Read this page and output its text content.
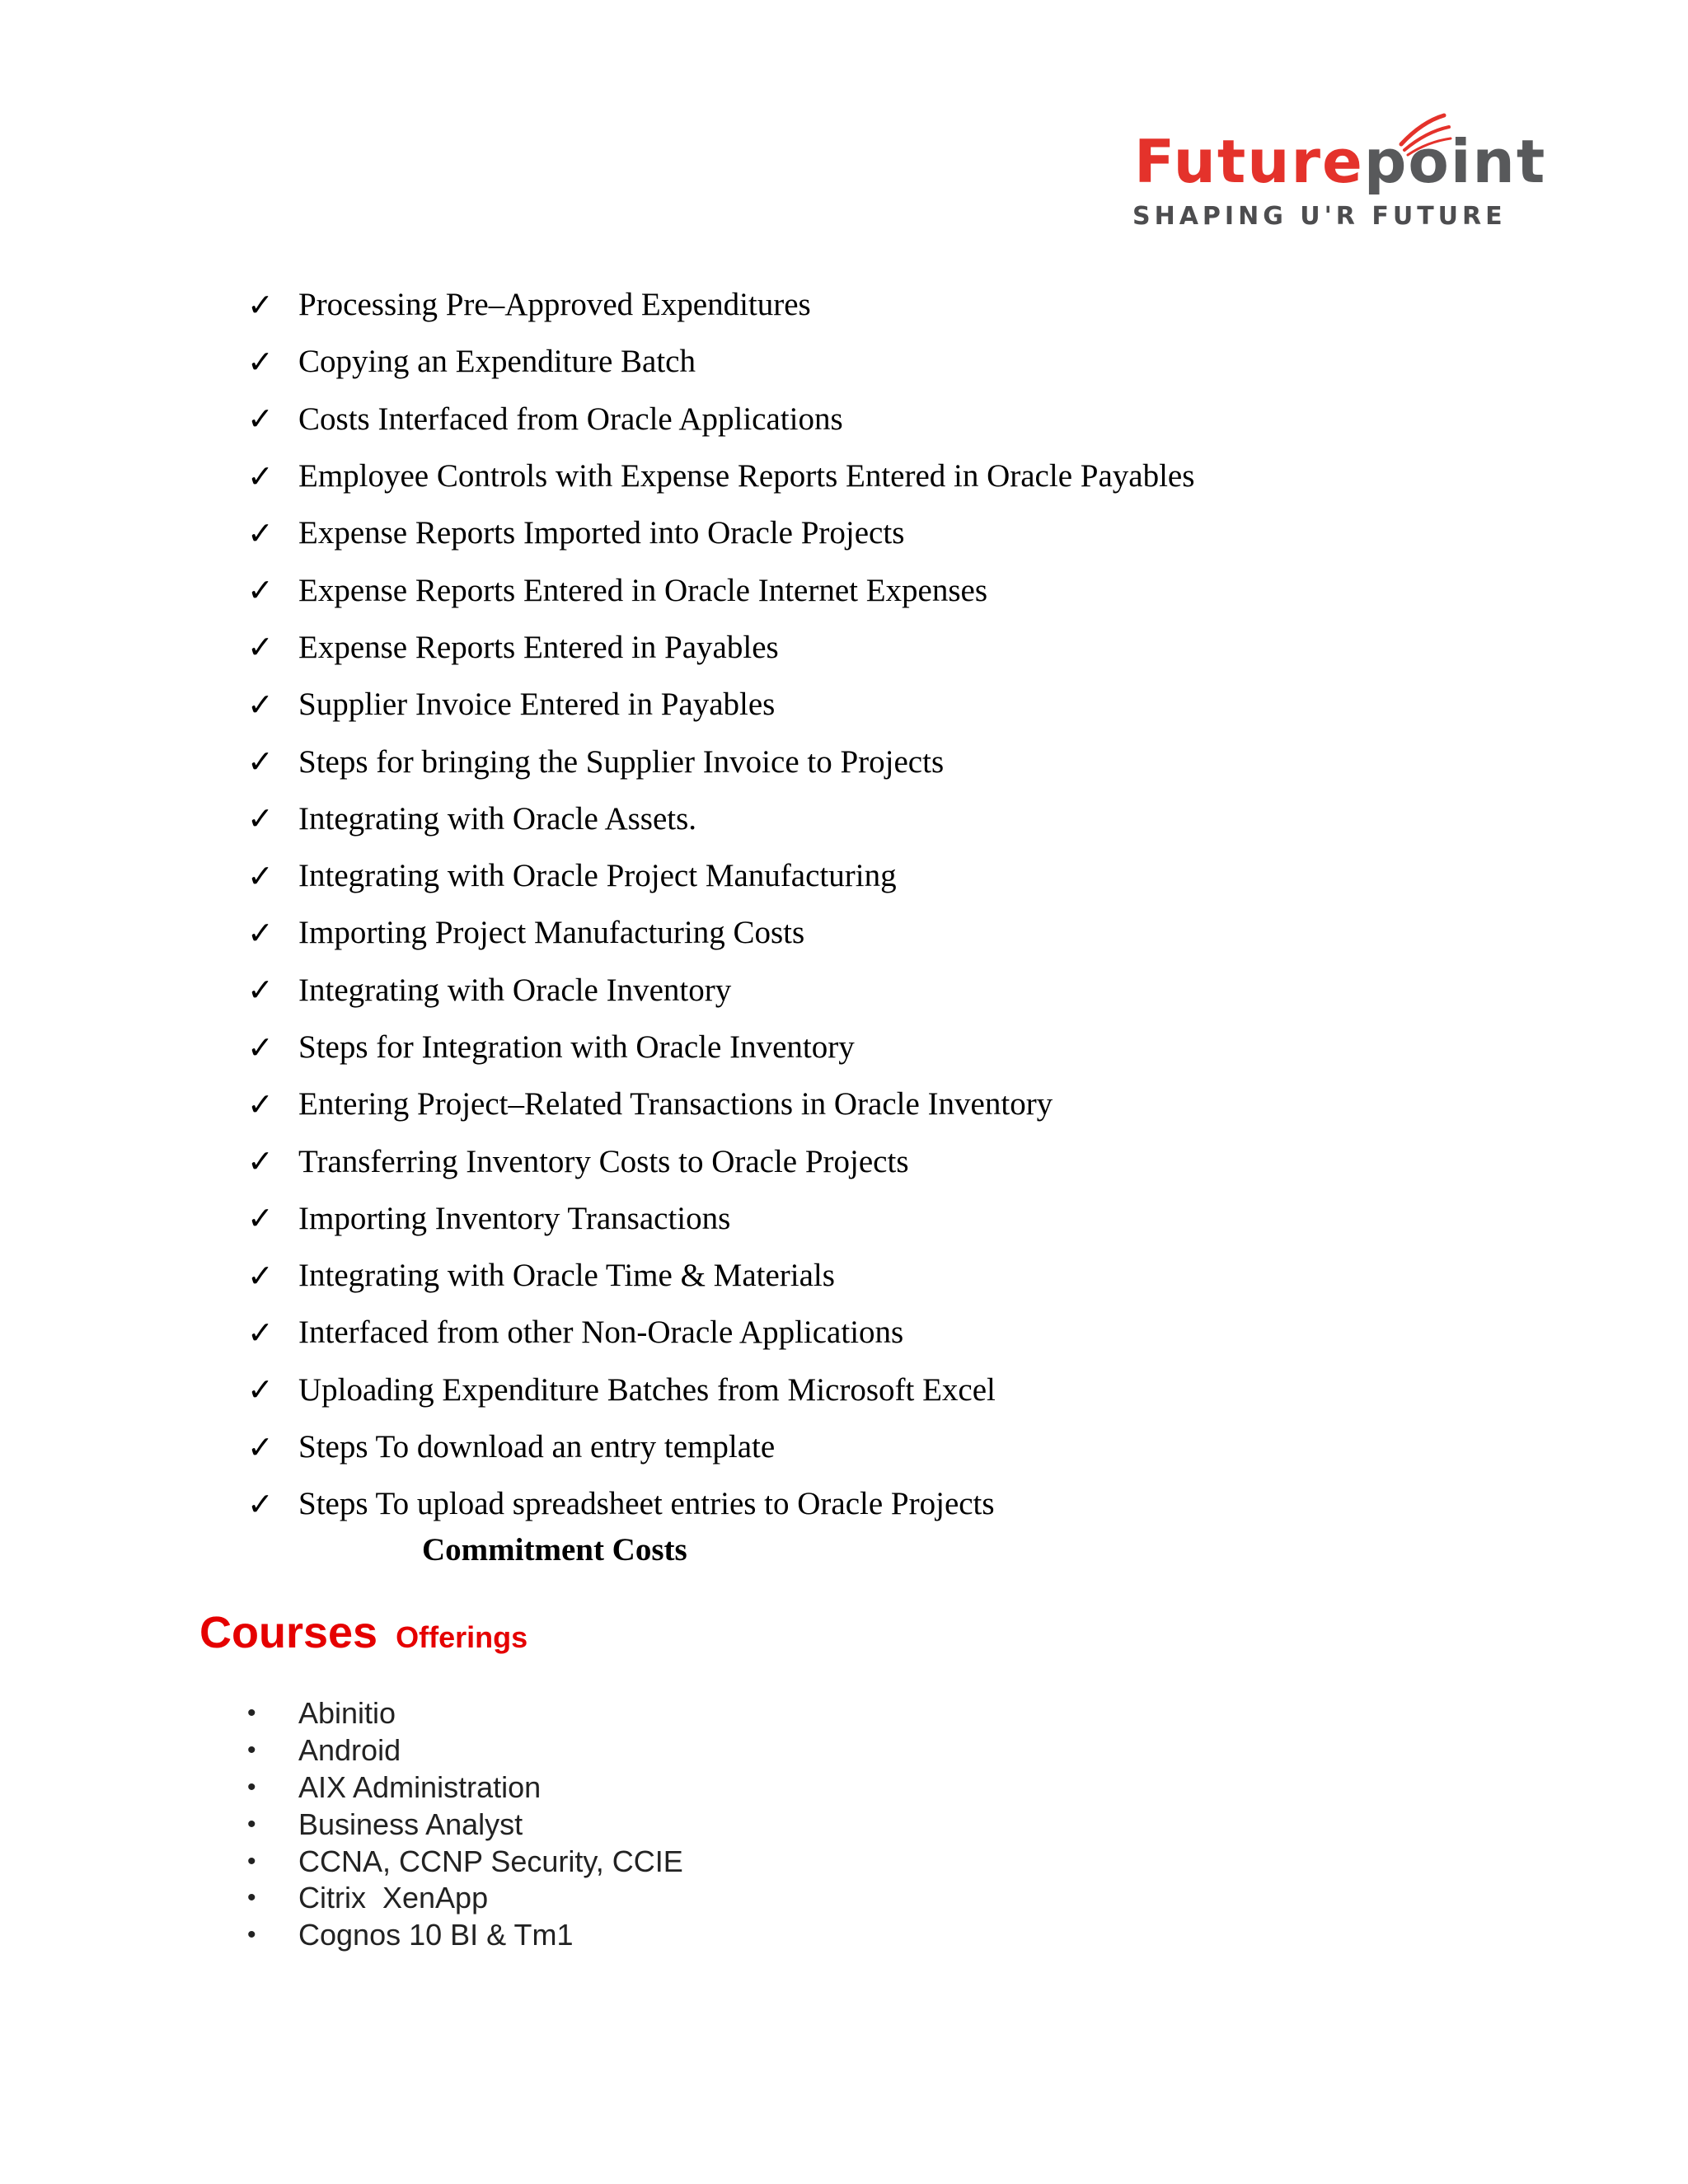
Futurepoint
SHAPING U'R FUTURE
✓ Processing Pre–Approved Expenditures
✓ Copying an Expenditure Batch
✓ Costs Interfaced from Oracle Applications
✓ Employee Controls with Expense Reports Entered in Oracle Payables
✓ Expense Reports Imported into Oracle Projects
✓ Expense Reports Entered in Oracle Internet Expenses
✓ Expense Reports Entered in Payables
✓ Supplier Invoice Entered in Payables
✓ Steps for bringing the Supplier Invoice to Projects
✓ Integrating with Oracle Assets.
✓ Integrating with Oracle Project Manufacturing
✓ Importing Project Manufacturing Costs
✓ Integrating with Oracle Inventory
✓ Steps for Integration with Oracle Inventory
✓ Entering Project–Related Transactions in Oracle Inventory
✓ Transferring Inventory Costs to Oracle Projects
✓ Importing Inventory Transactions
✓ Integrating with Oracle Time & Materials
✓ Interfaced from other Non-Oracle Applications
✓ Uploading Expenditure Batches from Microsoft Excel
✓ Steps To download an entry template
✓ Steps To upload spreadsheet entries to Oracle Projects
Commitment Costs
Courses Offerings
•	Abinitio
•	Android
•	AIX Administration
•	Business Analyst
•	CCNA, CCNP Security, CCIE
•	Citrix  XenApp
•	Cognos 10 BI & Tm1
